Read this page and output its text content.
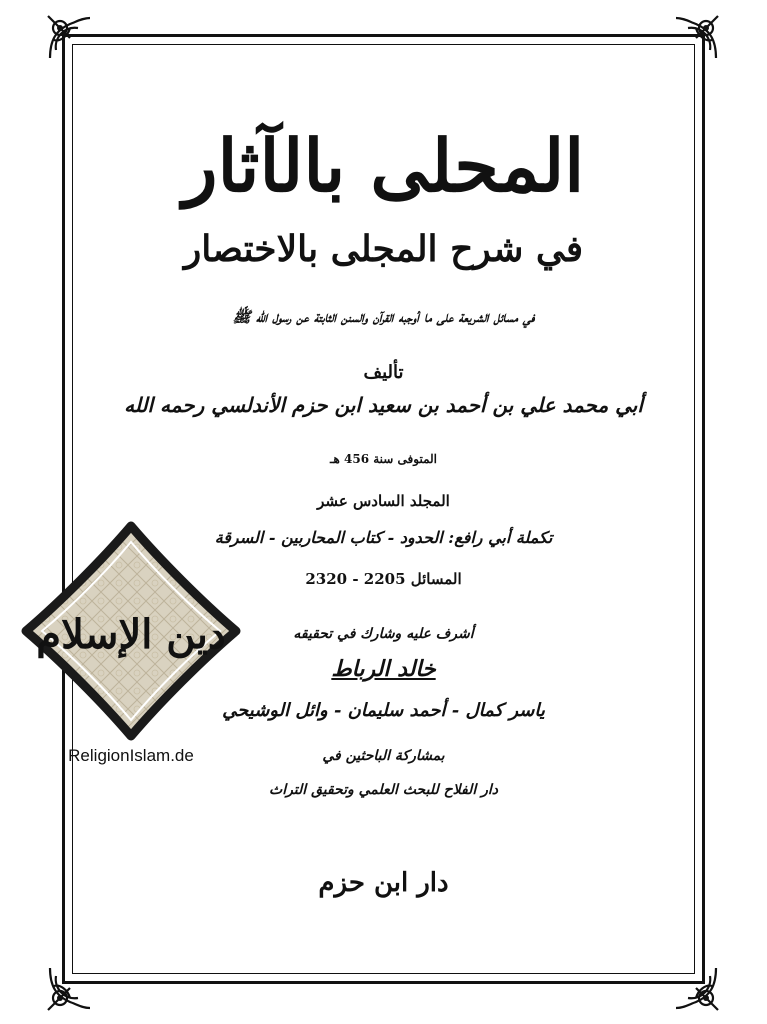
المحلى بالآثار
في شرح المجلى بالاختصار
في مسائل الشريعة على ما أوجبه القرآن والسنن الثابتة عن رسول الله ﷺ
تأليف
أبي محمد علي بن أحمد بن سعيد ابن حزم الأندلسي رحمه الله
المتوفى سنة 456 هـ
المجلد السادس عشر
تكملة أبي رافع: الحدود - كتاب المحاربين - السرقة
المسائل 2205 - 2320
أشرف عليه وشارك في تحقيقه
خالد الرباط
ياسر كمال - أحمد سليمان - وائل الوشيحي
بمشاركة الباحثين في
دار الفلاح للبحث العلمي وتحقيق التراث
دار ابن حزم
دين الإسلام
ReligionIslam.de
